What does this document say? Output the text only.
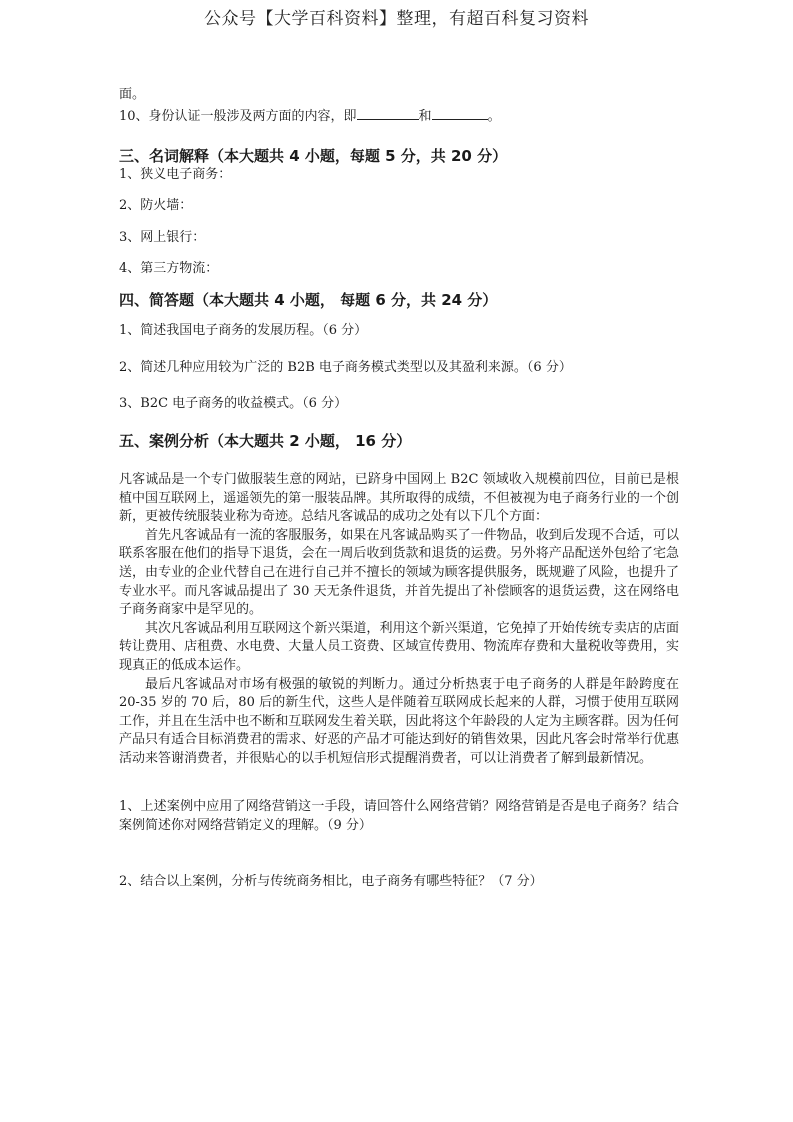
公众号【大学百科资料】整理，有超百科复习资料
面。
10、身份认证一般涉及两方面的内容，即	和	。
三、名词解释（本大题共 4 小题，每题 5 分，共 20 分）
1、狭义电子商务：
2、防火墙：
3、网上银行：
4、第三方物流：
四、简答题（本大题共 4 小题， 每题 6 分，共 24 分）
1、简述我国电子商务的发展历程。（6 分）
2、简述几种应用较为广泛的 B2B 电子商务模式类型以及其盈利来源。（6 分）
3、B2C 电子商务的收益模式。（6 分）
五、案例分析（本大题共 2 小题， 16 分）

凡客诚品是一个专门做服装生意的网站，已跻身中国网上 B2C 领域收入规模前四位，目前已是根植中国互联网上，遥遥领先的第一服装品牌。其所取得的成绩，不但被视为电子商务行业的一个创新，更被传统服装业称为奇迹。总结凡客诚品的成功之处有以下几个方面：

首先凡客诚品有一流的客服服务，如果在凡客诚品购买了一件物品，收到后发现不合适，可以联系客服在他们的指导下退货，会在一周后收到货款和退货的运费。另外将产品配送外包给了宅急送，由专业的企业代替自己在进行自己并不擅长的领域为顾客提供服务，既规避了风险，也提升了专业水平。而凡客诚品提出了 30 天无条件退货，并首先提出了补偿顾客的退货运费，这在网络电子商务商家中是罕见的。

其次凡客诚品利用互联网这个新兴渠道，利用这个新兴渠道，它免掉了开始传统专卖店的店面转让费用、店租费、水电费、大量人员工资费、区域宣传费用、物流库存费和大量税收等费用，实现真正的低成本运作。

最后凡客诚品对市场有极强的敏锐的判断力。通过分析热衷于电子商务的人群是年龄跨度在 20-35 岁的 70 后，80 后的新生代，这些人是伴随着互联网成长起来的人群，习惯于使用互联网工作，并且在生活中也不断和互联网发生着关联，因此将这个年龄段的人定为主顾客群。因为任何产品只有适合目标消费君的需求、好恶的产品才可能达到好的销售效果，因此凡客会时常举行优惠活动来答谢消费者，并很贴心的以手机短信形式提醒消费者，可以让消费者了解到最新情况。

1、上述案例中应用了网络营销这一手段，请回答什么网络营销？网络营销是否是电子商务？结合案例简述你对网络营销定义的理解。（9 分）
2、结合以上案例，分析与传统商务相比，电子商务有哪些特征？（7 分）
